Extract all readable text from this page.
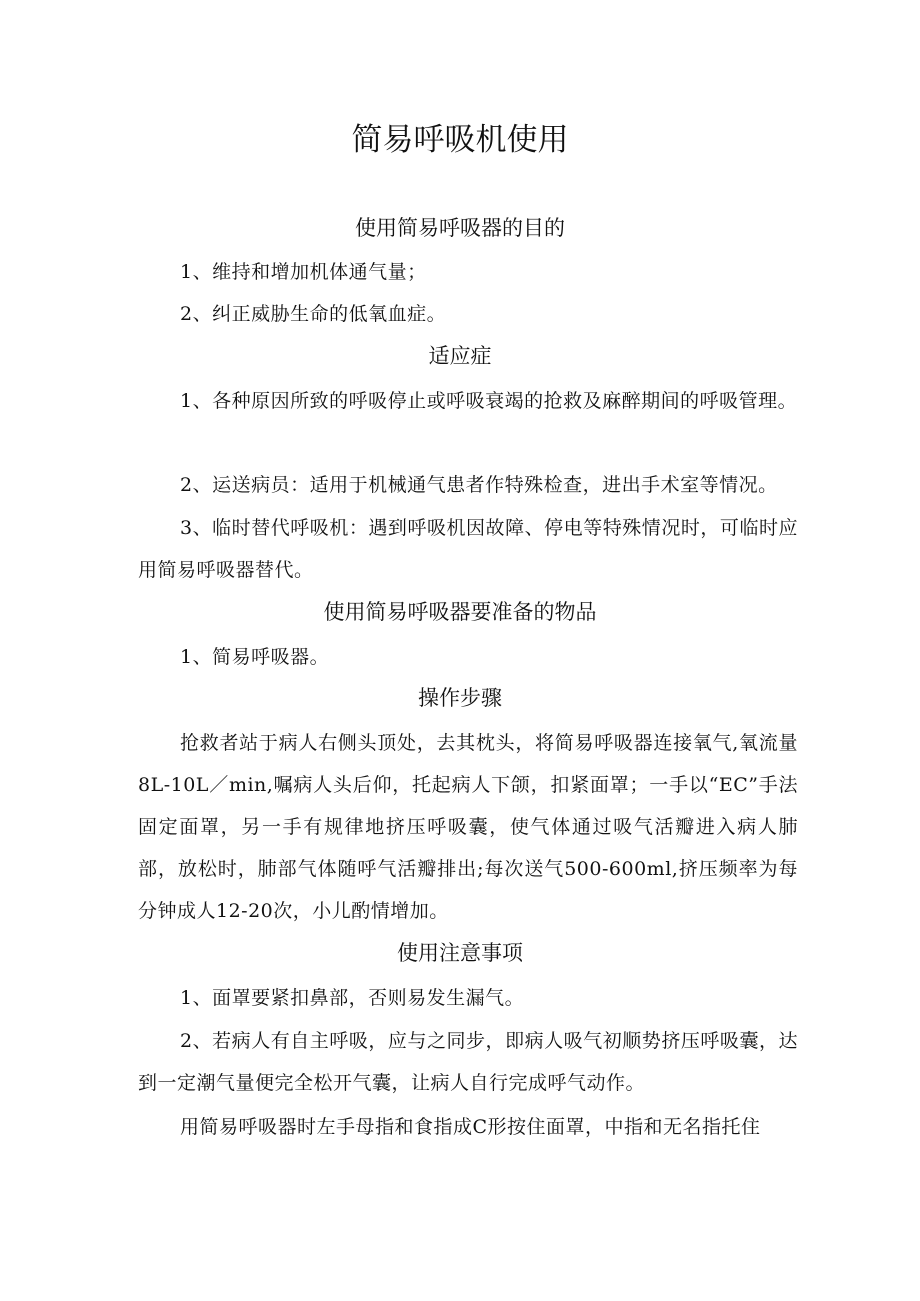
简易呼吸机使用
使用简易呼吸器的目的

1、维持和增加机体通气量；

2、纠正威胁生命的低氧血症。

适应症

1、各种原因所致的呼吸停止或呼吸衰竭的抢救及麻醉期间的呼吸管理。

2、运送病员：适用于机械通气患者作特殊检查，进出手术室等情况。

3、临时替代呼吸机：遇到呼吸机因故障、停电等特殊情况时，可临时应用简易呼吸器替代。

使用简易呼吸器要准备的物品

1、简易呼吸器。

操作步骤

抢救者站于病人右侧头顶处，去其枕头，将简易呼吸器连接氧气,氧流量8L-10L／min,嘱病人头后仰，托起病人下颌，扣紧面罩；一手以“EC”手法固定面罩，另一手有规律地挤压呼吸囊，使气体通过吸气活瓣进入病人肺部，放松时，肺部气体随呼气活瓣排出;每次送气500-600ml,挤压频率为每分钟成人12-20次，小儿酌情增加。

使用注意事项

1、面罩要紧扣鼻部，否则易发生漏气。

2、若病人有自主呼吸，应与之同步，即病人吸气初顺势挤压呼吸囊，达到一定潮气量便完全松开气囊，让病人自行完成呼气动作。

用简易呼吸器时左手母指和食指成C形按住面罩，中指和无名指托住
